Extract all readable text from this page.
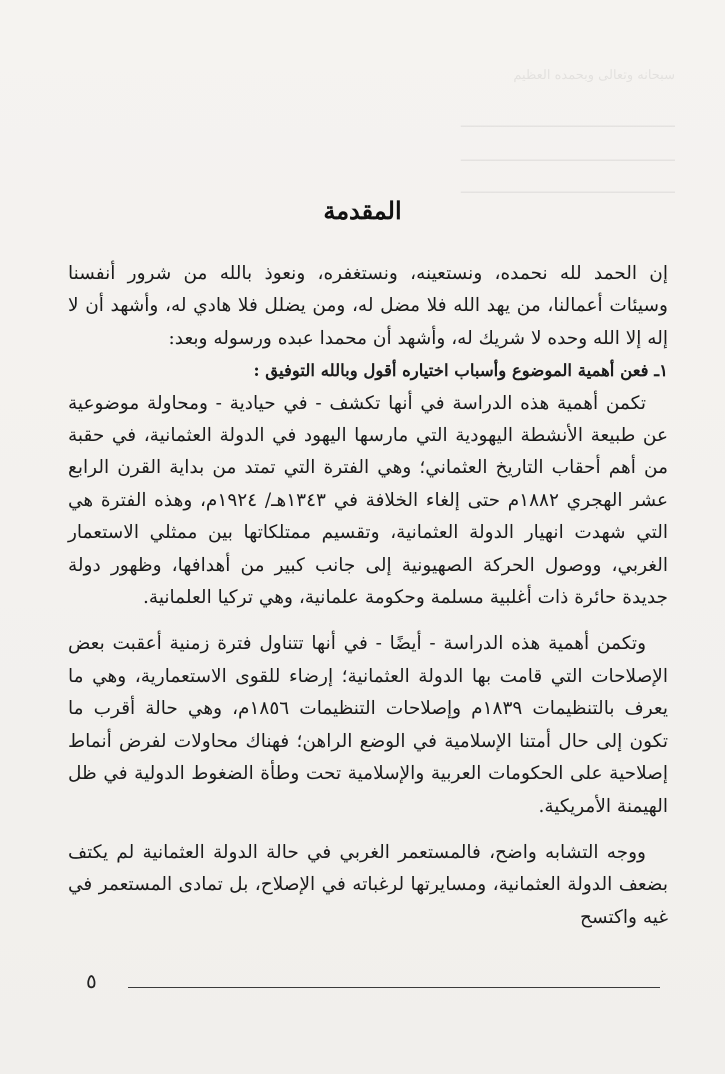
سبحانه وتعالى وبحمده العظيم
ـــــــــــــــــــــــــــــــــــــــــــ
ـــــــــــــــــــــــــــــــــــــــــــ
ـــــــــــــــــــــــــــــــــــــــــــ
المقدمة

إن الحمد لله نحمده، ونستعينه، ونستغفره، ونعوذ بالله من شرور أنفسنا وسيئات أعمالنا، من يهد الله فلا مضل له، ومن يضلل فلا هادي له، وأشهد أن لا إله إلا الله وحده لا شريك له، وأشهد أن محمدا عبده ورسوله وبعد:

١ـ فعن أهمية الموضوع وأسباب اختياره أقول وبالله التوفيق :

تكمن أهمية هذه الدراسة في أنها تكشف - في حيادية - ومحاولة موضوعية عن طبيعة الأنشطة اليهودية التي مارسها اليهود في الدولة العثمانية، في حقبة من أهم أحقاب التاريخ العثماني؛ وهي الفترة التي تمتد من بداية القرن الرابع عشر الهجري ١٨٨٢م حتى إلغاء الخلافة في ١٣٤٣هـ/ ١٩٢٤م، وهذه الفترة هي التي شهدت انهيار الدولة العثمانية، وتقسيم ممتلكاتها بين ممثلي الاستعمار الغربي، ووصول الحركة الصهيونية إلى جانب كبير من أهدافها، وظهور دولة جديدة حائرة ذات أغلبية مسلمة وحكومة علمانية، وهي تركيا العلمانية.

وتكمن أهمية هذه الدراسة - أيضًا - في أنها تتناول فترة زمنية أعقبت بعض الإصلاحات التي قامت بها الدولة العثمانية؛ إرضاء للقوى الاستعمارية، وهي ما يعرف بالتنظيمات ١٨٣٩م وإصلاحات التنظيمات ١٨٥٦م، وهي حالة أقرب ما تكون إلى حال أمتنا الإسلامية في الوضع الراهن؛ فهناك محاولات لفرض أنماط إصلاحية على الحكومات العربية والإسلامية تحت وطأة الضغوط الدولية في ظل الهيمنة الأمريكية.

ووجه التشابه واضح، فالمستعمر الغربي في حالة الدولة العثمانية لم يكتف بضعف الدولة العثمانية، ومسايرتها لرغباته في الإصلاح، بل تمادى المستعمر في غيه واكتسح

٥
